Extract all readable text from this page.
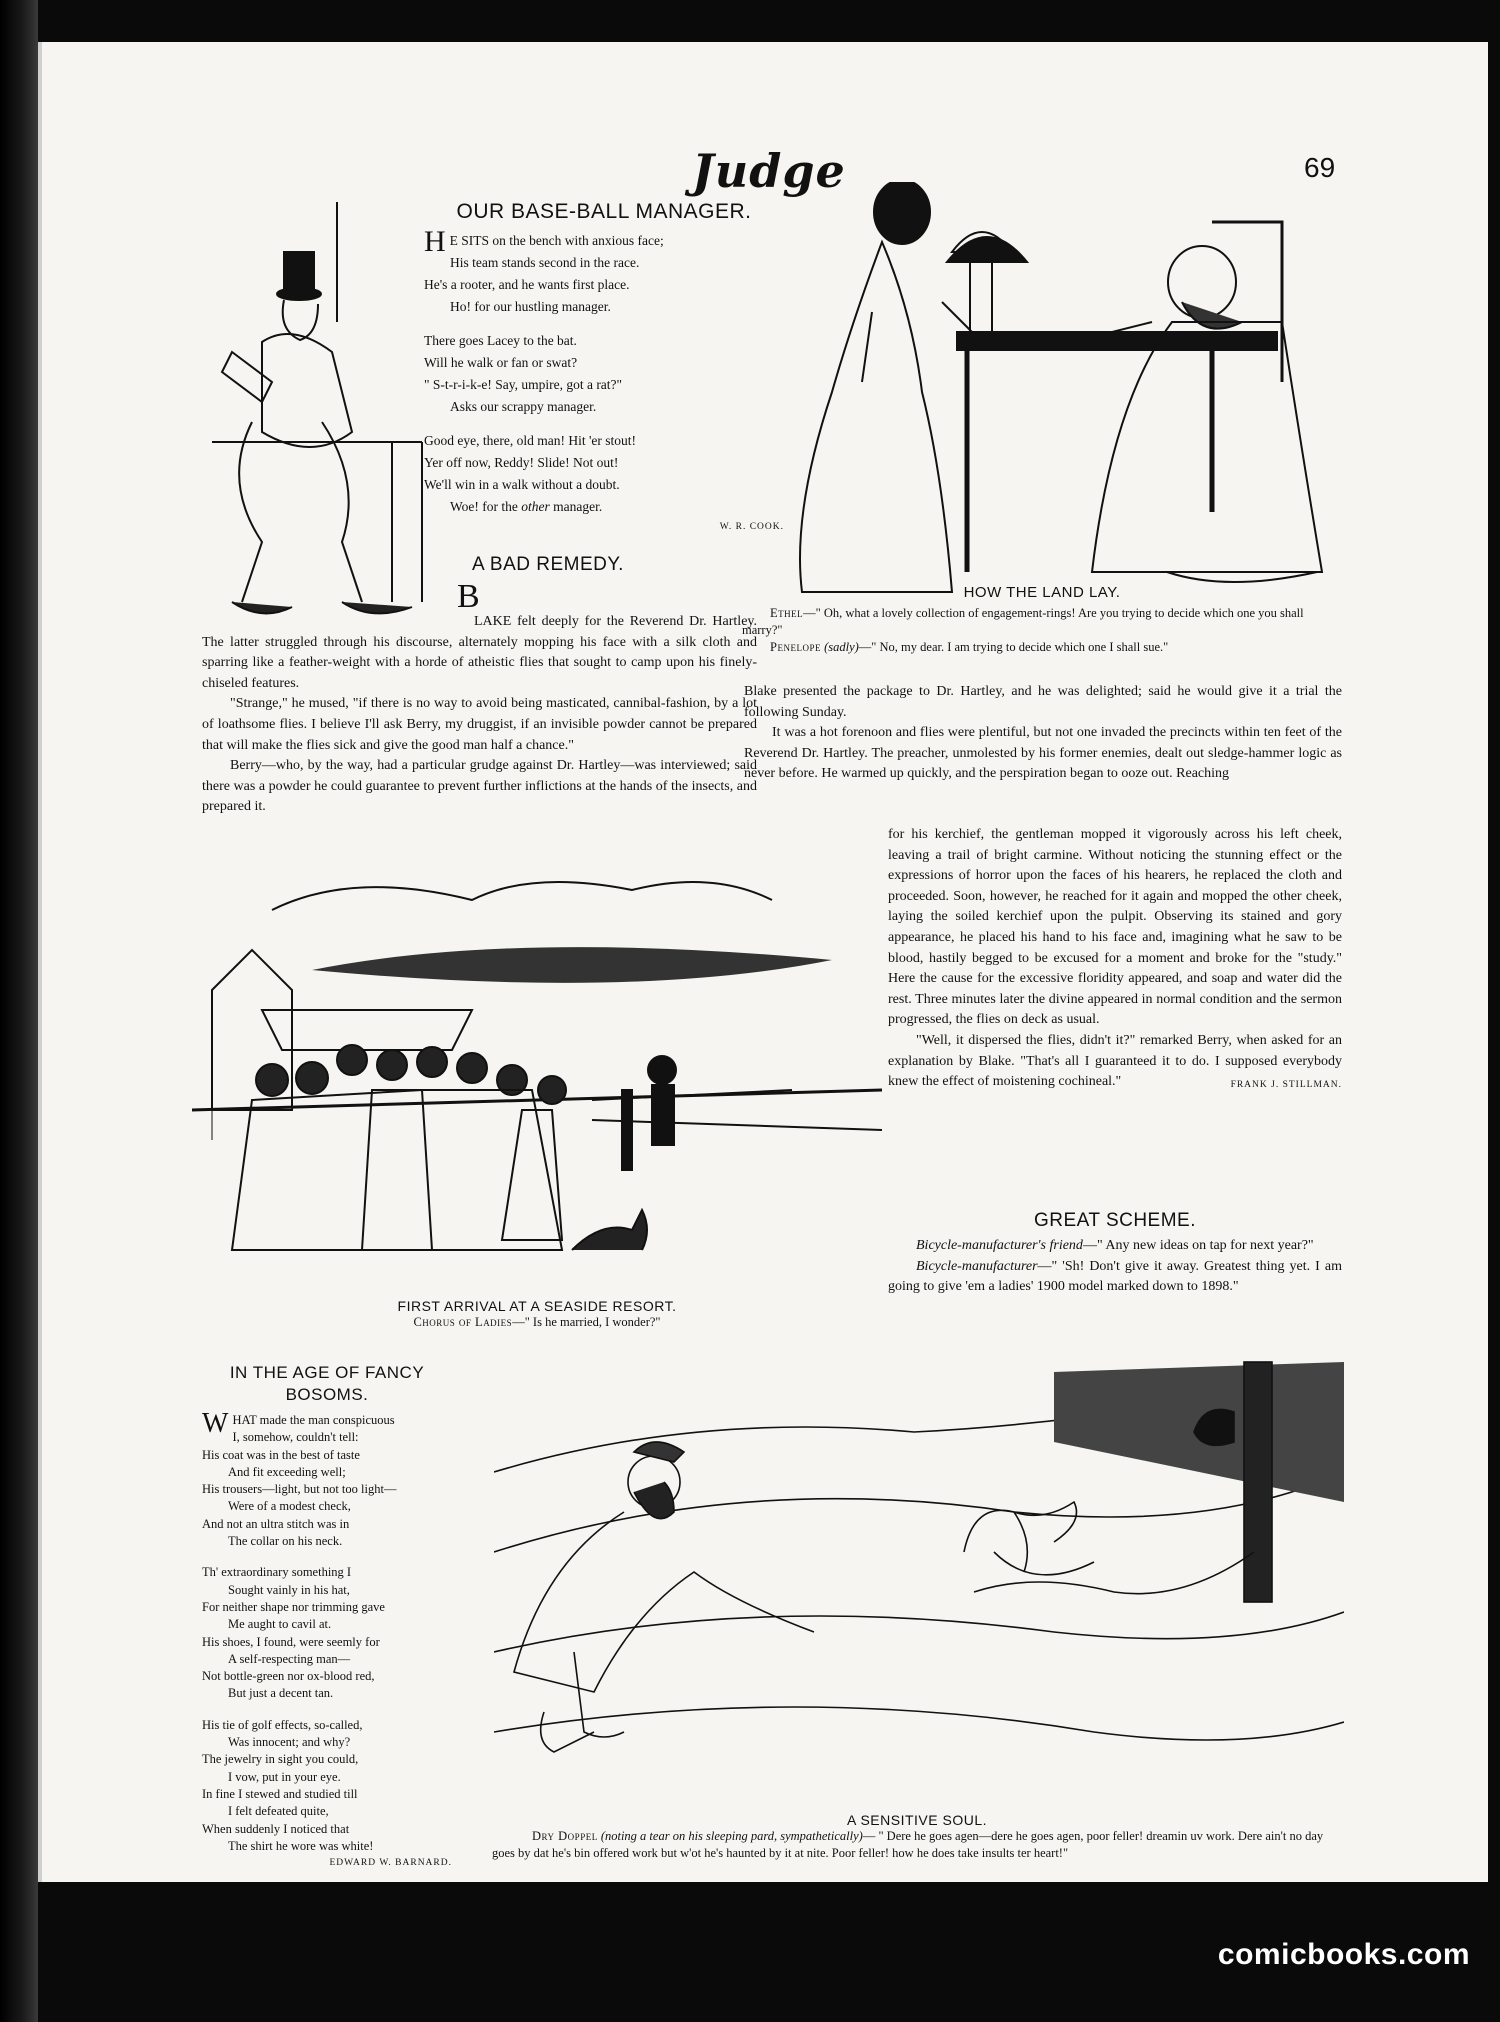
Judge	69
OUR BASE-BALL MANAGER.
H E SITS on the bench with anxious face;
His team stands second in the race.
He's a rooter, and he wants first place.
Ho! for our hustling manager.
There goes Lacey to the bat.
Will he walk or fan or swat?
" S-t-r-i-k-e! Say, umpire, got a rat?"
Asks our scrappy manager.
Good eye, there, old man! Hit 'er stout!
Yer off now, Reddy! Slide! Not out!
We'll win in a walk without a doubt.
Woe! for the other manager.
W. R. COOK.
A BAD REMEDY.
B

LAKE felt deeply for the Reverend Dr. Hartley. The latter struggled through his discourse, alternately mopping his face with a silk cloth and sparring like a feather-weight with a horde of atheistic flies that sought to camp upon his finely-chiseled features.

"Strange," he mused, "if there is no way to avoid being masticated, cannibal-fashion, by a lot of loathsome flies. I believe I'll ask Berry, my druggist, if an invisible powder cannot be prepared that will make the flies sick and give the good man half a chance."

Berry—who, by the way, had a particular grudge against Dr. Hartley—was interviewed; said there was a powder he could guarantee to prevent further inflictions at the hands of the insects, and prepared it.

HOW THE LAND LAY.
Ethel—" Oh, what a lovely collection of engagement-rings! Are you trying to decide which one you shall marry?"
Penelope (sadly)—" No, my dear. I am trying to decide which one I shall sue."

Blake presented the package to Dr. Hartley, and he was delighted; said he would give it a trial the following Sunday.

It was a hot forenoon and flies were plentiful, but not one invaded the precincts within ten feet of the Reverend Dr. Hartley. The preacher, unmolested by his former enemies, dealt out sledge-hammer logic as never before. He warmed up quickly, and the perspiration began to ooze out. Reaching

for his kerchief, the gentleman mopped it vigorously across his left cheek, leaving a trail of bright carmine. Without noticing the stunning effect or the expressions of horror upon the faces of his hearers, he replaced the cloth and proceeded. Soon, however, he reached for it again and mopped the other cheek, laying the soiled kerchief upon the pulpit. Observing its stained and gory appearance, he placed his hand to his face and, imagining what he saw to be blood, hastily begged to be excused for a moment and broke for the "study." Here the cause for the excessive floridity appeared, and soap and water did the rest. Three minutes later the divine appeared in normal condition and the sermon progressed, the flies on deck as usual.

"Well, it dispersed the flies, didn't it?" remarked Berry, when asked for an explanation by Blake. "That's all I guaranteed it to do. I supposed everybody knew the effect of moistening cochineal."	FRANK J. STILLMAN.
FIRST ARRIVAL AT A SEASIDE RESORT.
Chorus of Ladies—" Is he married, I wonder?"
GREAT SCHEME.

Bicycle-manufacturer's friend—" Any new ideas on tap for next year?"

Bicycle-manufacturer—" 'Sh! Don't give it away. Greatest thing yet. I am going to give 'em a ladies' 1900 model marked down to 1898."

IN THE AGE OF FANCY BOSOMS.
WHAT made the man conspicuous
I, somehow, couldn't tell:
His coat was in the best of taste
And fit exceeding well;
His trousers—light, but not too light—
Were of a modest check,
And not an ultra stitch was in
The collar on his neck.
Th' extraordinary something I
Sought vainly in his hat,
For neither shape nor trimming gave
Me aught to cavil at.
His shoes, I found, were seemly for
A self-respecting man—
Not bottle-green nor ox-blood red,
But just a decent tan.
His tie of golf effects, so-called,
Was innocent; and why?
The jewelry in sight you could,
I vow, put in your eye.
In fine I stewed and studied till
I felt defeated quite,
When suddenly I noticed that
The shirt he wore was white!
EDWARD W. BARNARD.
A SENSITIVE SOUL.
Dry Doppel (noting a tear on his sleeping pard, sympathetically)— " Dere he goes agen—dere he goes agen, poor feller! dreamin uv work. Dere ain't no day goes by dat he's bin offered work but w'ot he's haunted by it at nite. Poor feller! how he does take insults ter heart!"
comicbooks.com
